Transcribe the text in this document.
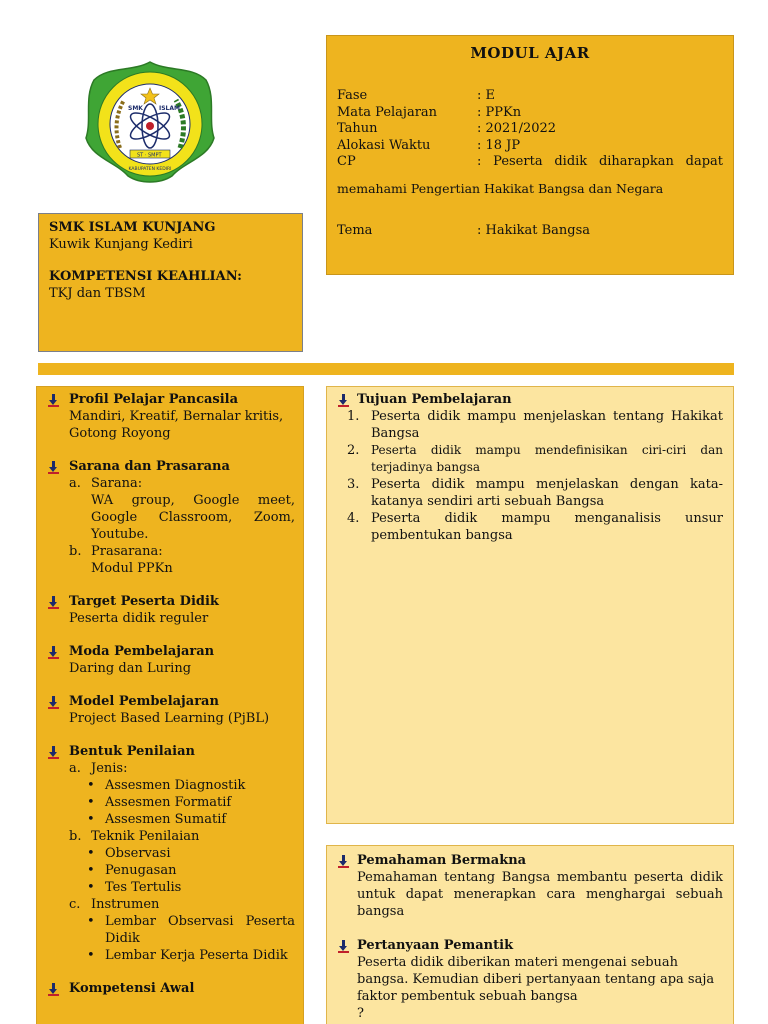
SMK	ISLAM
ST · SMPT
KABUPATEN KEDIRI
MODUL AJAR
Fase	: E
Mata Pelajaran	: PPKn
Tahun	: 2021/2022
Alokasi Waktu	: 18 JP
CP	: Peserta didik diharapkan dapat
memahami Pengertian Hakikat Bangsa dan Negara
Tema	: Hakikat Bangsa
SMK ISLAM KUNJANG
Kuwik Kunjang Kediri
KOMPETENSI KEAHLIAN:
TKJ dan TBSM
Profil Pelajar Pancasila
Mandiri, Kreatif, Bernalar kritis, Gotong Royong
Sarana dan Prasarana
a. Sarana:
WA group, Google meet, Google Classroom, Zoom, Youtube.
b. Prasarana:
Modul PPKn
Target Peserta Didik
Peserta didik reguler
Moda Pembelajaran
Daring dan Luring
Model Pembelajaran
Project Based Learning (PjBL)
Bentuk Penilaian
a. Jenis:
• Assesmen Diagnostik
• Assesmen Formatif
• Assesmen Sumatif
b. Teknik Penilaian
• Observasi
• Penugasan
• Tes Tertulis
c. Instrumen
• Lembar Observasi Peserta Didik
• Lembar Kerja Peserta Didik
Kompetensi Awal
Tujuan Pembelajaran
1. Peserta didik mampu menjelaskan tentang Hakikat Bangsa
2. Peserta didik mampu mendefinisikan ciri-ciri dan terjadinya bangsa
3. Peserta didik mampu menjelaskan dengan kata-katanya sendiri arti sebuah Bangsa
4. Peserta didik mampu menganalisis unsur pembentukan bangsa
Pemahaman Bermakna
Pemahaman tentang Bangsa membantu peserta didik untuk dapat menerapkan cara menghargai sebuah bangsa
Pertanyaan Pemantik
Peserta didik diberikan materi mengenai sebuah bangsa. Kemudian diberi pertanyaan tentang apa saja faktor pembentuk sebuah bangsa
?
